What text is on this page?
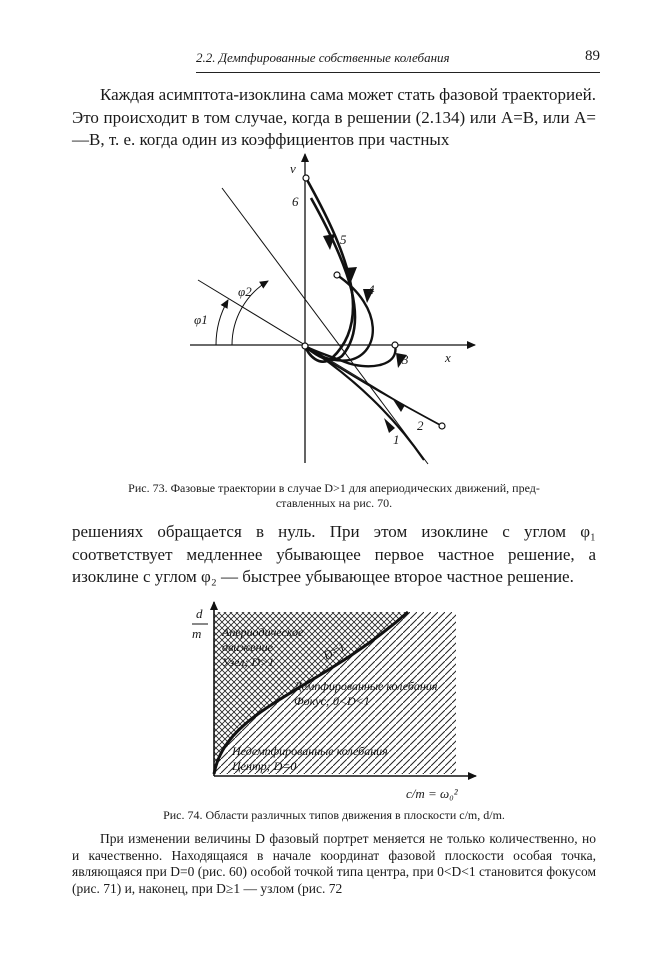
2.2. Демпфированные собственные колебания	89

Каждая асимптота-изоклина сама может стать фазовой траекторией. Это происходит в том случае, когда в решении (2.134) или A=B, или A=—B, т. е. когда один из коэффициентов при частных

v
x
φ1
φ2
6
5
4
3
2
1

Рис. 73. Фазовые траектории в случае D>1 для апериодических движений, пред-
ставленных на рис. 70.

решениях обращается в нуль. При этом изоклине с углом φ₁ соответствует медленнее убывающее первое частное решение, а изоклине с углом φ₂ — быстрее убывающее второе частное решение.

d
m
c/m = ω₀²
Апериодическое
движение
Узел; D>1	D=1
Демпфированные колебания
Фокус; 0<D<1
Недемпфированные колебания
Центр; D=0

Рис. 74. Области различных типов движения в плоскости c/m, d/m.

При изменении величины D фазовый портрет меняется не только количественно, но и качественно. Находящаяся в начале координат фазовой плоскости особая точка, являющаяся при D=0 (рис. 60) особой точкой типа центра, при 0<D<1 становится фокусом (рис. 71) и, наконец, при D≥1 — узлом (рис. 72
